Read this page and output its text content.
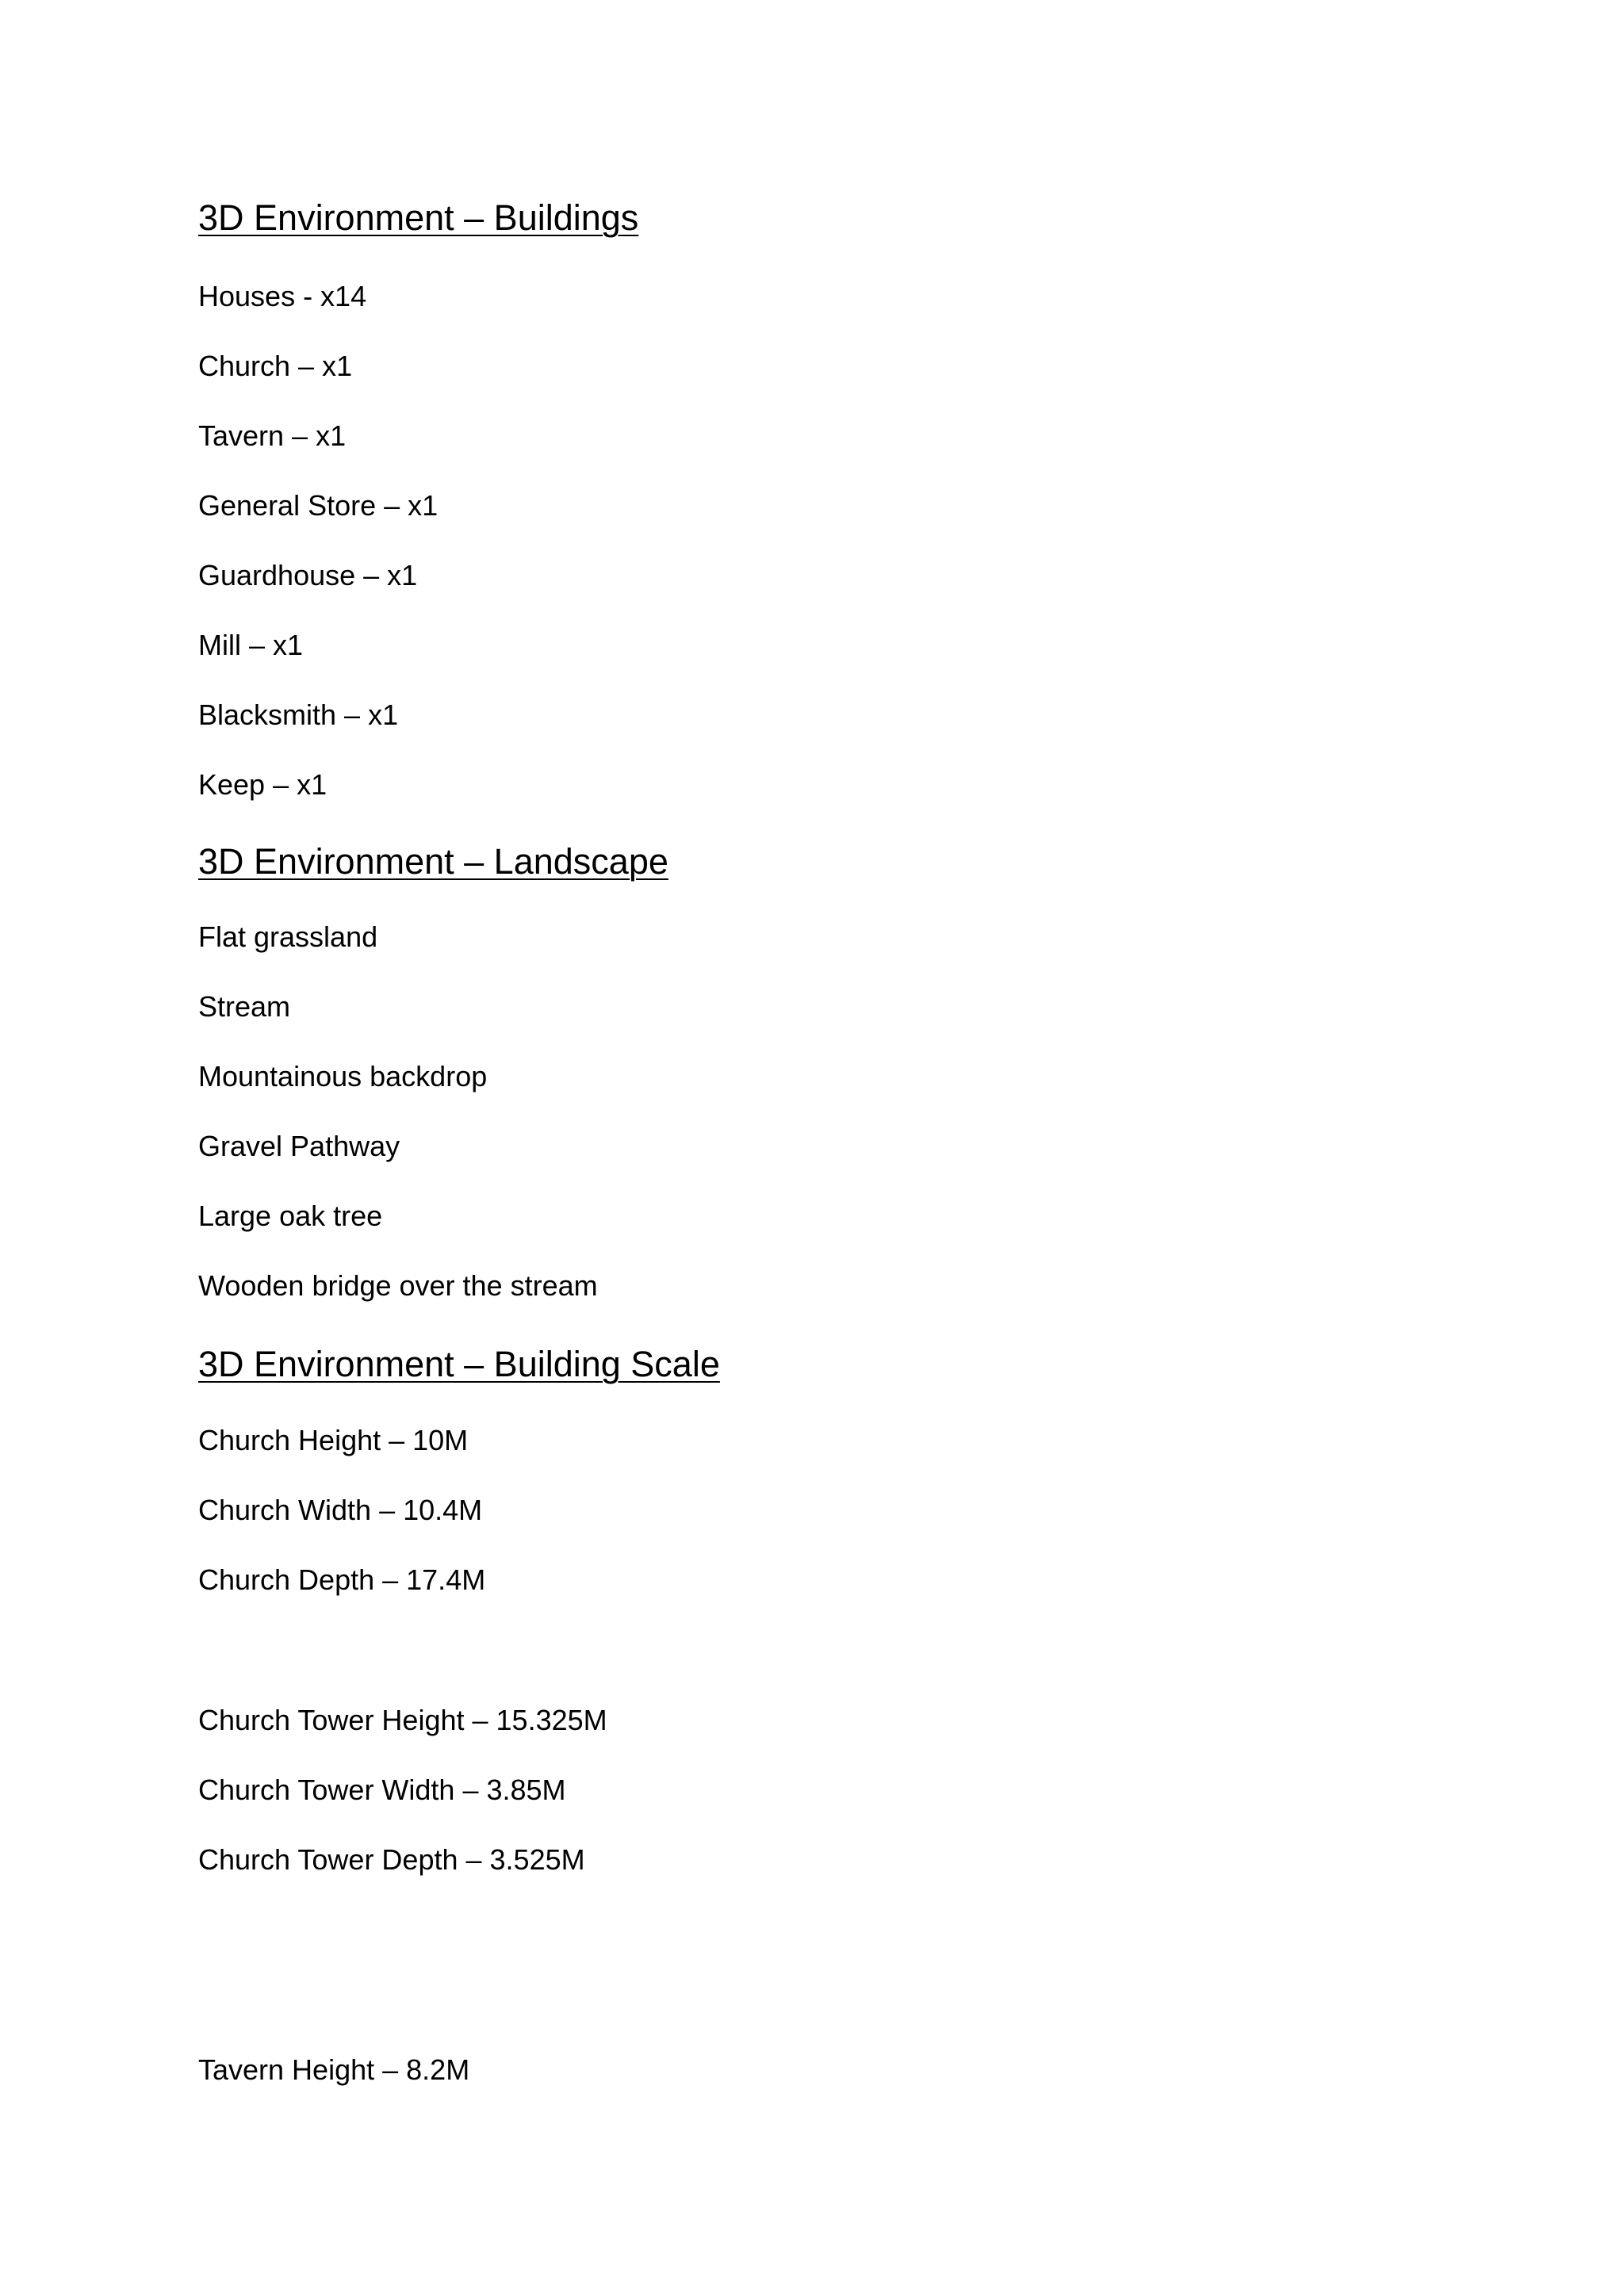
3D Environment – Buildings
Houses - x14
Church – x1
Tavern – x1
General Store – x1
Guardhouse – x1
Mill – x1
Blacksmith – x1
Keep – x1
3D Environment – Landscape
Flat grassland
Stream
Mountainous backdrop
Gravel Pathway
Large oak tree
Wooden bridge over the stream
3D Environment – Building Scale
Church Height – 10M
Church Width – 10.4M
Church Depth – 17.4M
Church Tower Height – 15.325M
Church Tower Width – 3.85M
Church Tower Depth – 3.525M
Tavern Height – 8.2M
